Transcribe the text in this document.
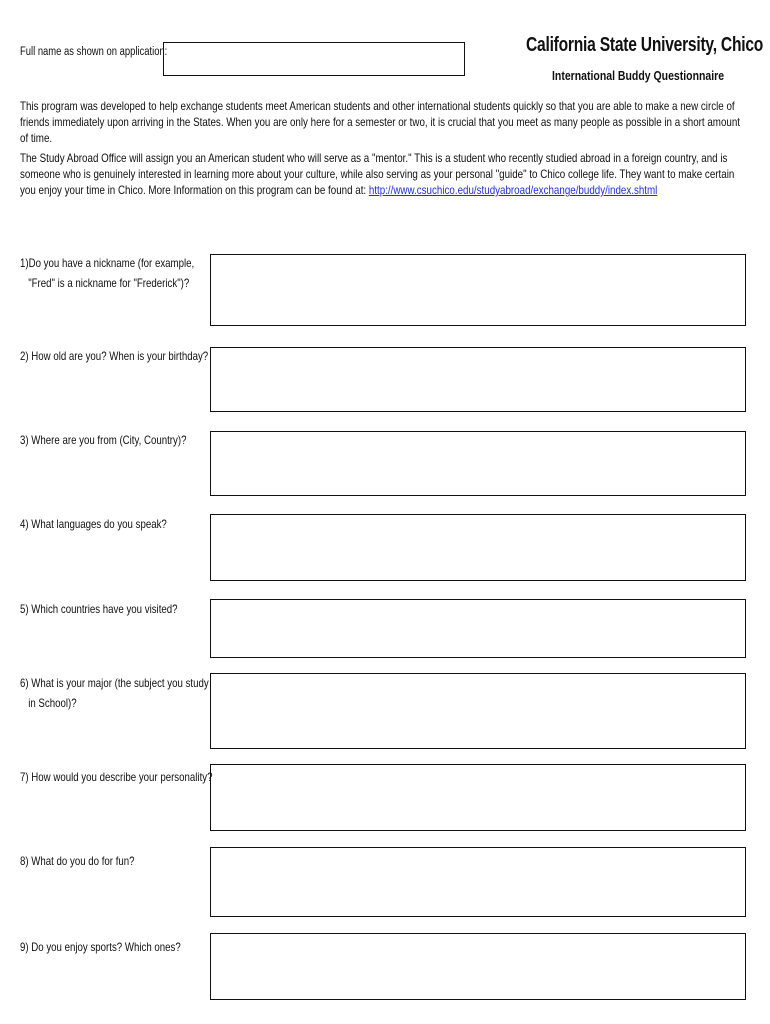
Full name as shown on application:	California State University, Chico
International Buddy Questionnaire

This program was developed to help exchange students meet American students and other international students quickly so that you are able to make a new circle of friends immediately upon arriving in the States. When you are only here for a semester or two, it is crucial that you meet as many people as possible in a short amount of time.

The Study Abroad Office will assign you an American student who will serve as a "mentor." This is a student who recently studied abroad in a foreign country, and is someone who is genuinely interested in learning more about your culture, while also serving as your personal "guide" to Chico college life. They want to make certain you enjoy your time in Chico. More Information on this program can be found at: http://www.csuchico.edu/studyabroad/exchange/buddy/index.shtml

1)Do you have a nickname (for example,
"Fred" is a nickname for "Frederick")?
2) How old are you? When is your birthday?
3) Where are you from (City, Country)?
4) What languages do you speak?
5) Which countries have you visited?
6) What is your major (the subject you study
in School)?
7) How would you describe your personality?
8) What do you do for fun?
9) Do you enjoy sports? Which ones?
